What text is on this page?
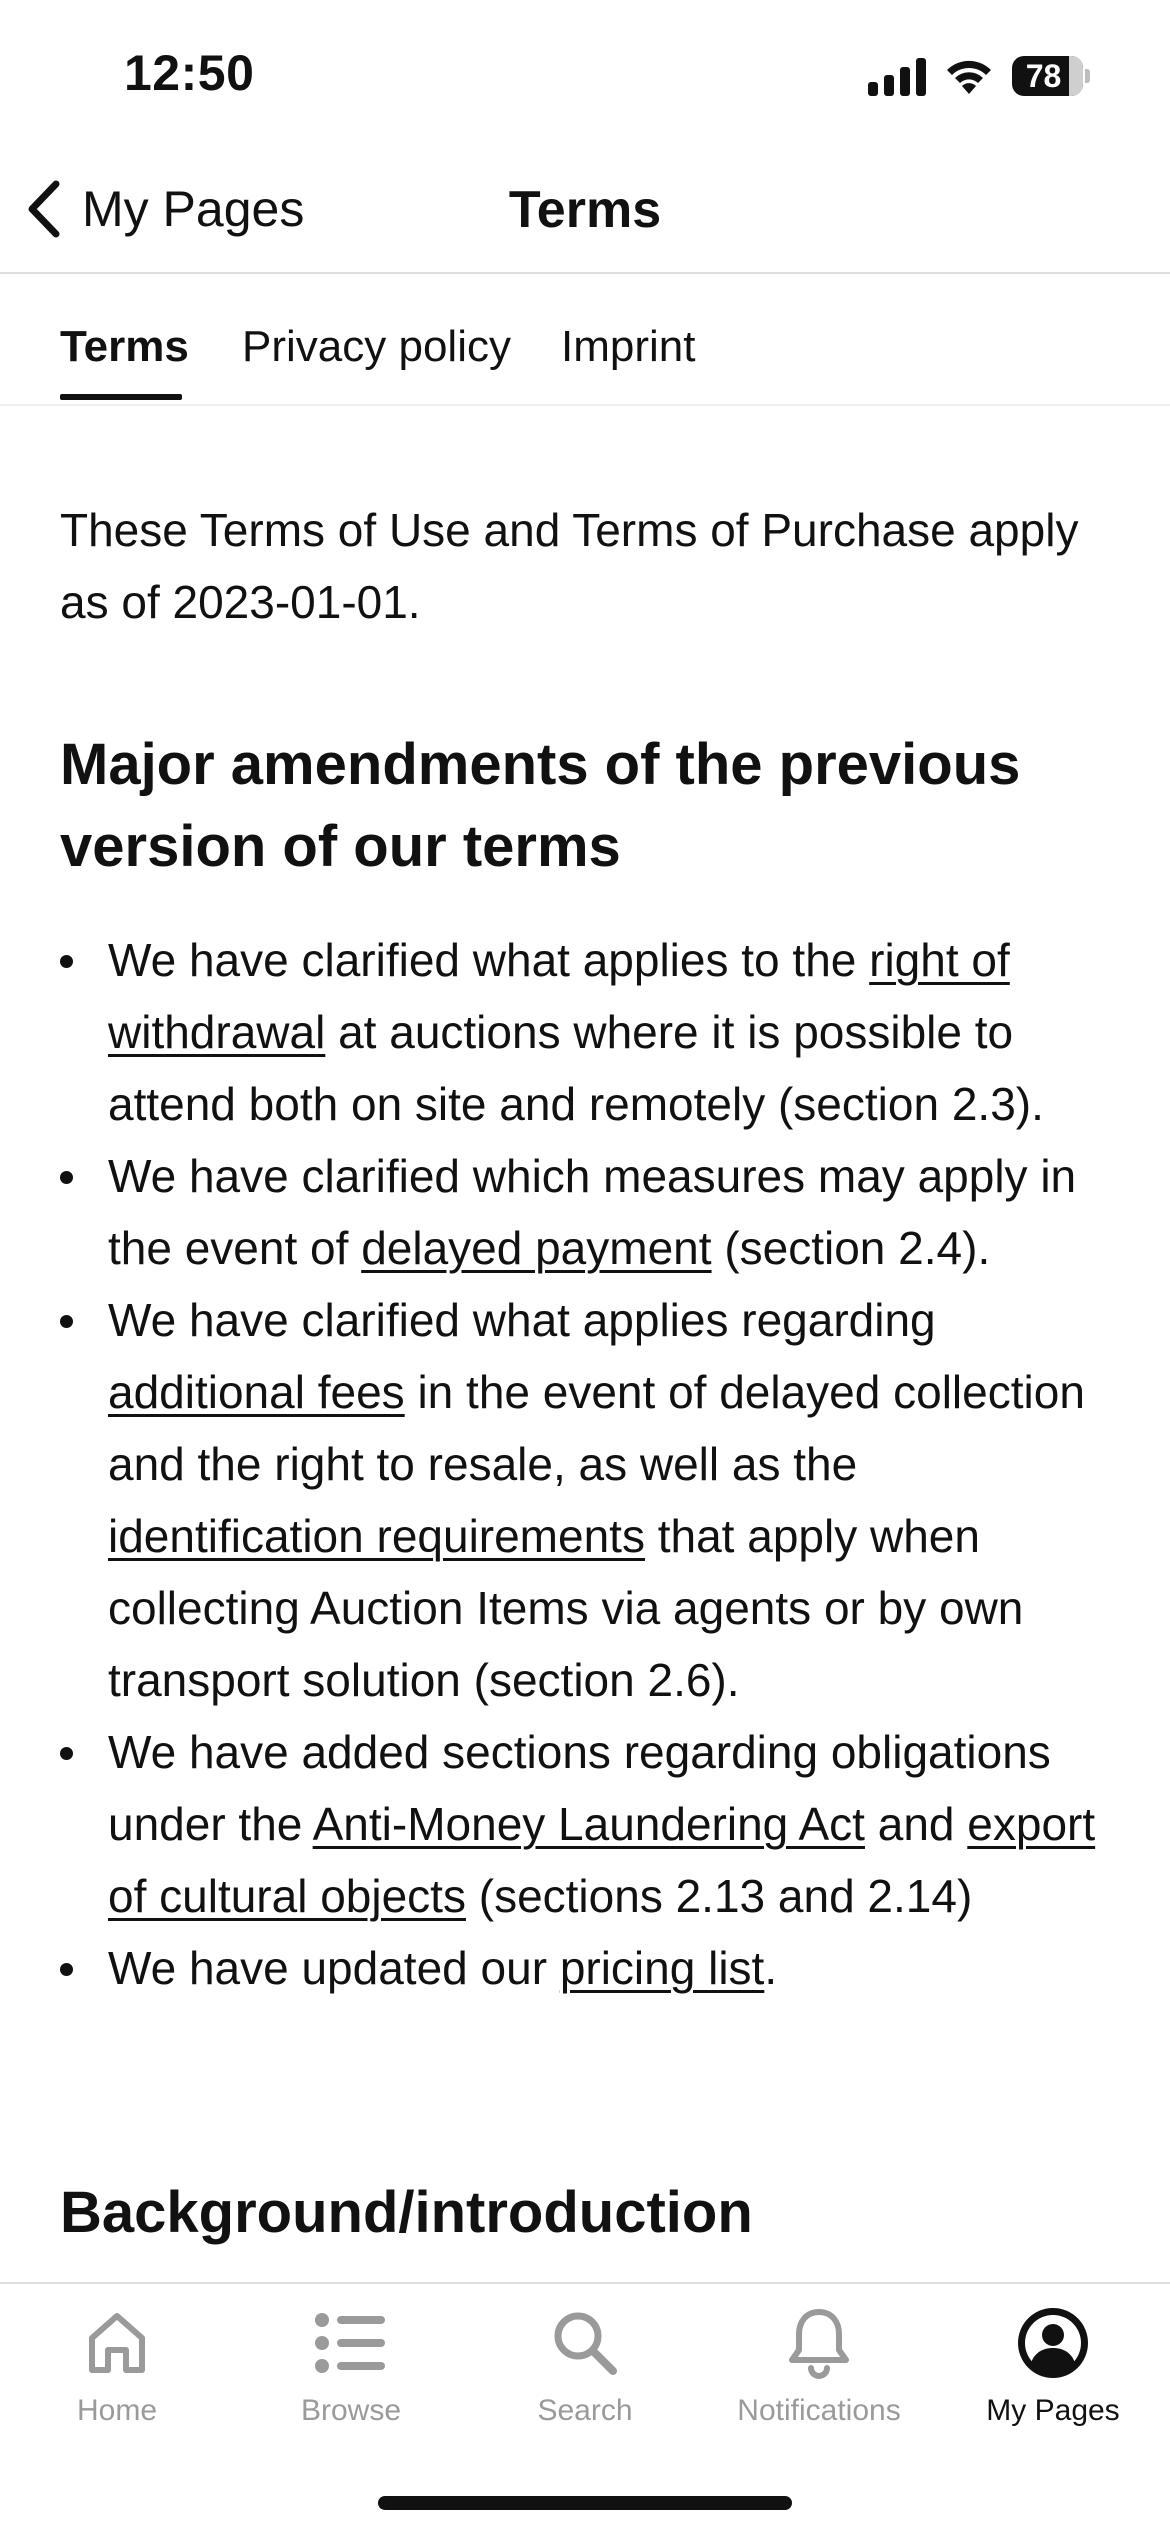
12:50	78
My Pages	Terms
Terms Privacy policy Imprint

These Terms of Use and Terms of Purchase apply as of 2023-01-01.

Major amendments of the previous version of our terms
We have clarified what applies to the right of withdrawal at auctions where it is possible to attend both on site and remotely (section 2.3).
We have clarified which measures may apply in the event of delayed payment (section 2.4).
We have clarified what applies regarding additional fees in the event of delayed collection and the right to resale, as well as the identification requirements that apply when collecting Auction Items via agents or by own transport solution (section 2.6).
We have added sections regarding obligations under the Anti-Money Laundering Act and export of cultural objects (sections 2.13 and 2.14)
We have updated our pricing list.
Background/introduction
Home	Browse	Search	Notifications	My Pages
